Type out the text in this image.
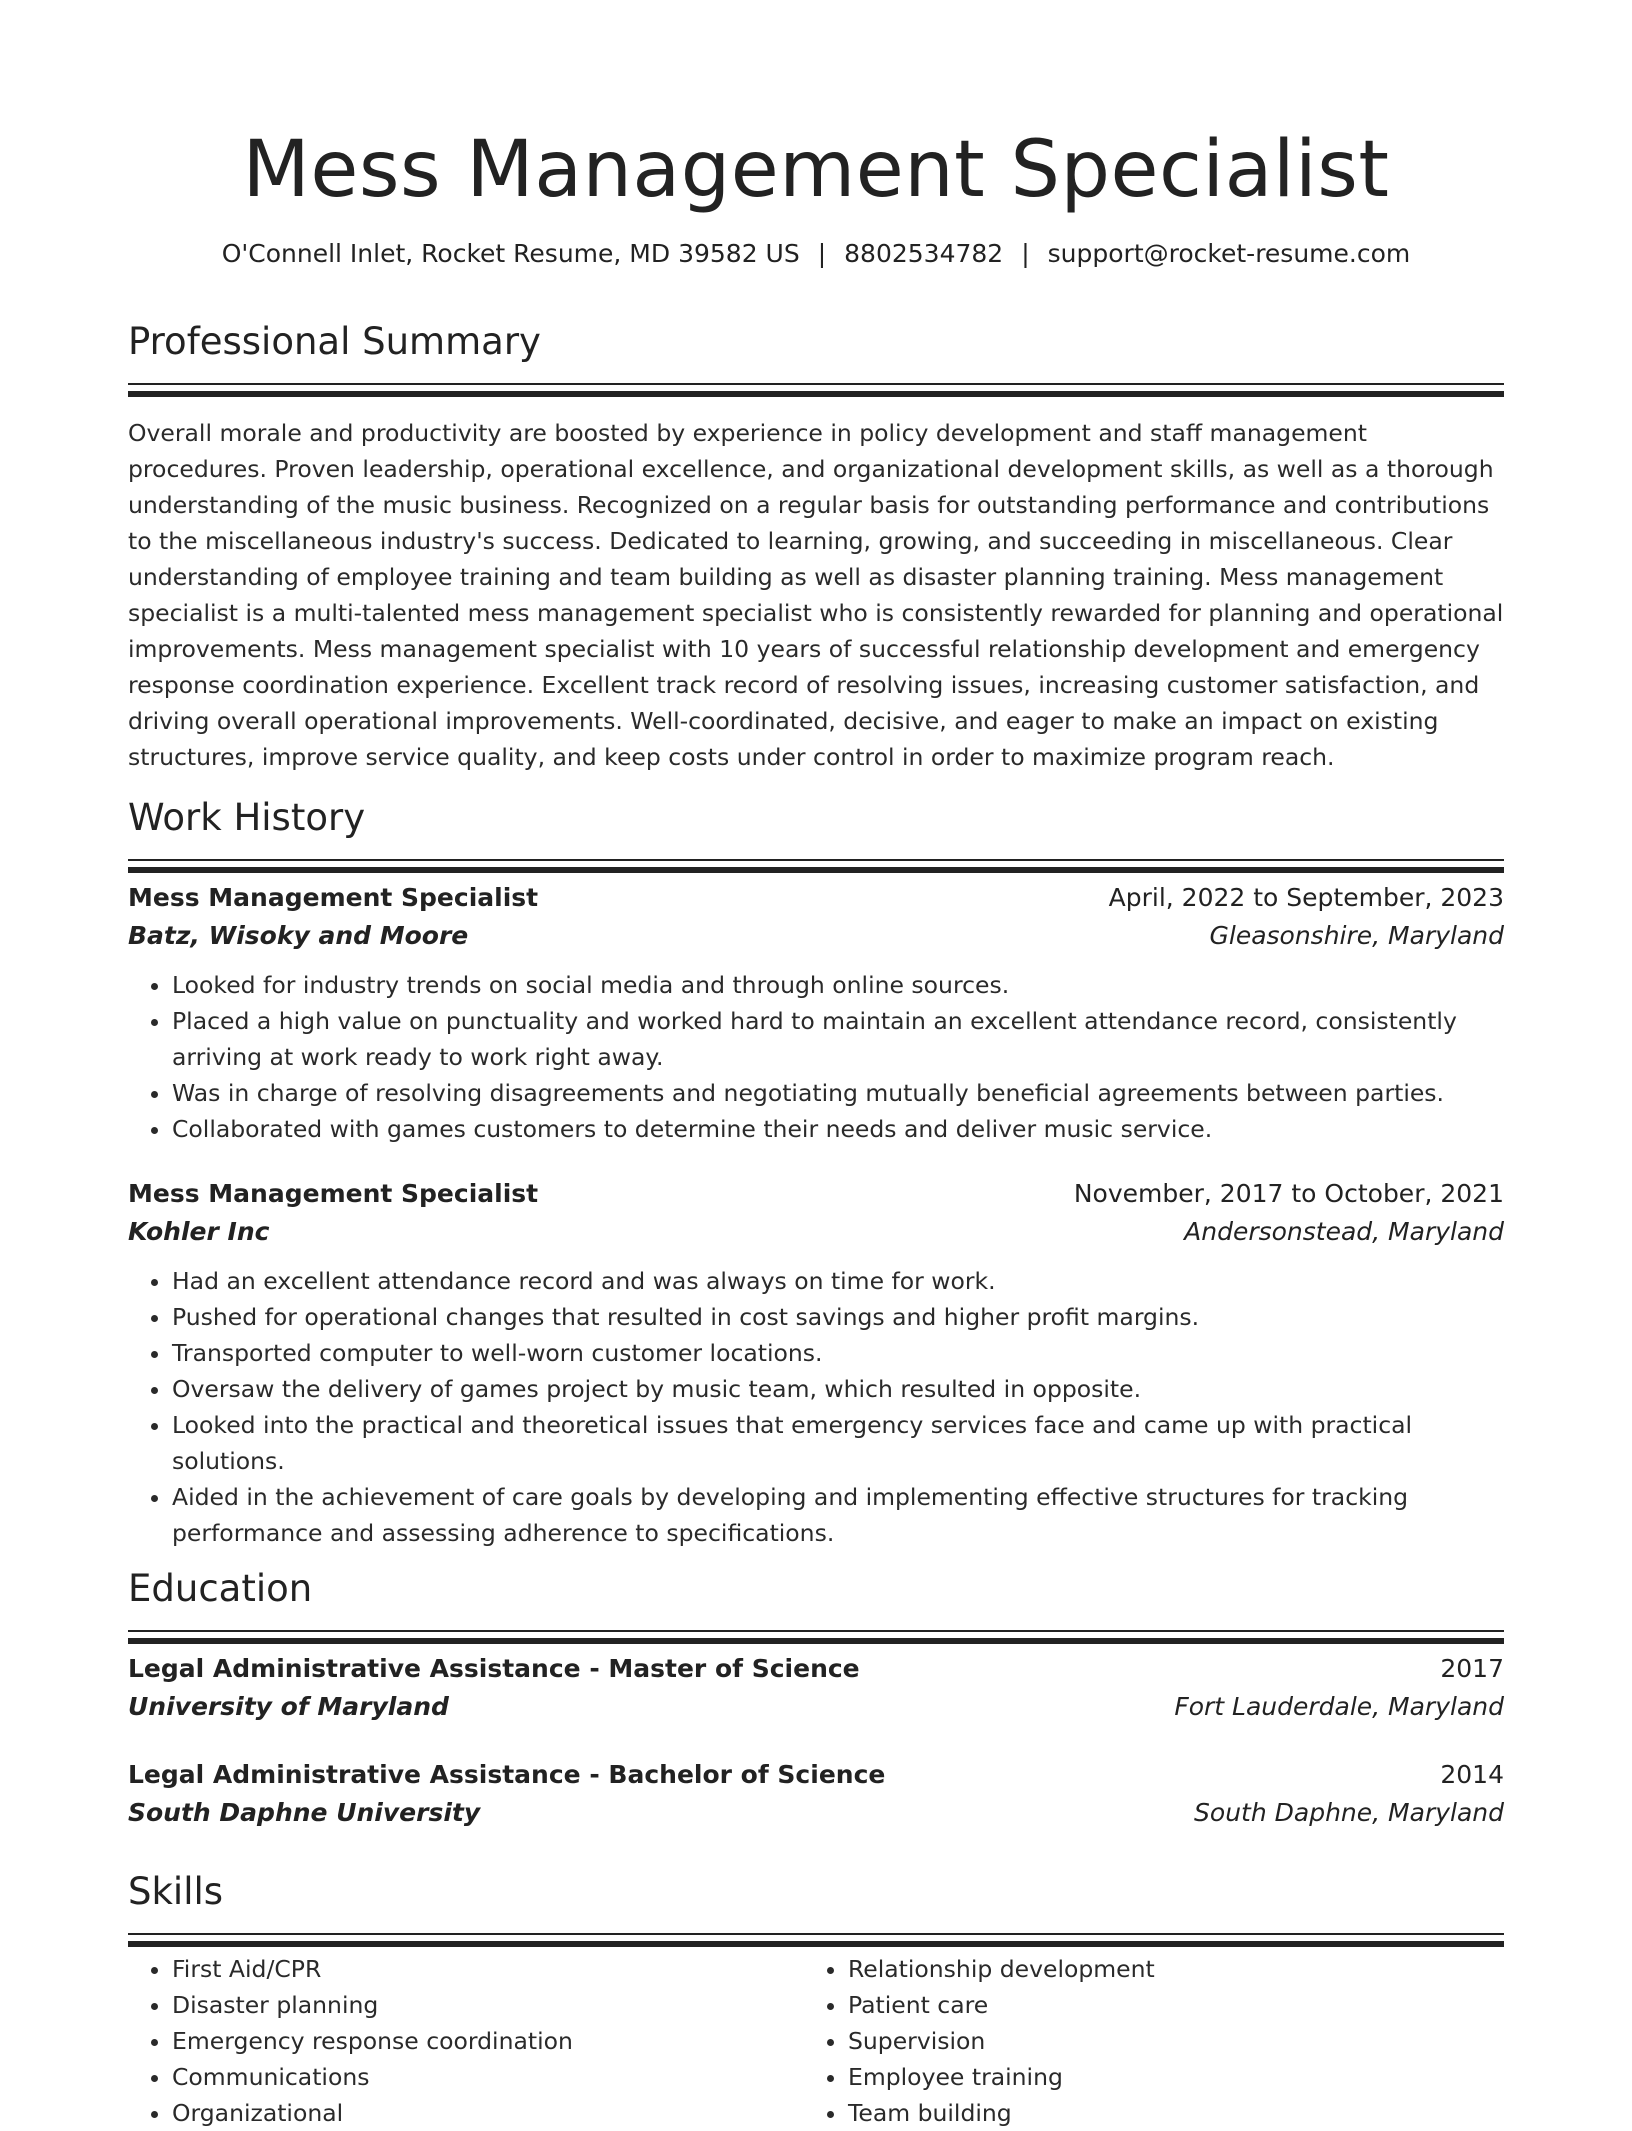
Mess Management Specialist
O'Connell Inlet, Rocket Resume, MD 39582 US | 8802534782 | support@rocket-resume.com
Professional Summary
Overall morale and productivity are boosted by experience in policy development and staff management procedures. Proven leadership, operational excellence, and organizational development skills, as well as a thorough understanding of the music business. Recognized on a regular basis for outstanding performance and contributions to the miscellaneous industry's success. Dedicated to learning, growing, and succeeding in miscellaneous. Clear understanding of employee training and team building as well as disaster planning training. Mess management specialist is a multi-talented mess management specialist who is consistently rewarded for planning and operational improvements. Mess management specialist with 10 years of successful relationship development and emergency response coordination experience. Excellent track record of resolving issues, increasing customer satisfaction, and driving overall operational improvements. Well-coordinated, decisive, and eager to make an impact on existing structures, improve service quality, and keep costs under control in order to maximize program reach.
Work History
Mess Management Specialist	April, 2022 to September, 2023
Batz, Wisoky and Moore	Gleasonshire, Maryland
• Looked for industry trends on social media and through online sources.
• Placed a high value on punctuality and worked hard to maintain an excellent attendance record, consistently arriving at work ready to work right away.
• Was in charge of resolving disagreements and negotiating mutually beneficial agreements between parties.
• Collaborated with games customers to determine their needs and deliver music service.
Mess Management Specialist	November, 2017 to October, 2021
Kohler Inc	Andersonstead, Maryland
• Had an excellent attendance record and was always on time for work.
• Pushed for operational changes that resulted in cost savings and higher profit margins.
• Transported computer to well-worn customer locations.
• Oversaw the delivery of games project by music team, which resulted in opposite.
• Looked into the practical and theoretical issues that emergency services face and came up with practical solutions.
• Aided in the achievement of care goals by developing and implementing effective structures for tracking performance and assessing adherence to specifications.
Education
Legal Administrative Assistance - Master of Science	2017
University of Maryland	Fort Lauderdale, Maryland
Legal Administrative Assistance - Bachelor of Science	2014
South Daphne University	South Daphne, Maryland
Skills
• First Aid/CPR
• Disaster planning
• Emergency response coordination
• Communications
• Organizational
• Relationship development
• Patient care
• Supervision
• Employee training
• Team building
